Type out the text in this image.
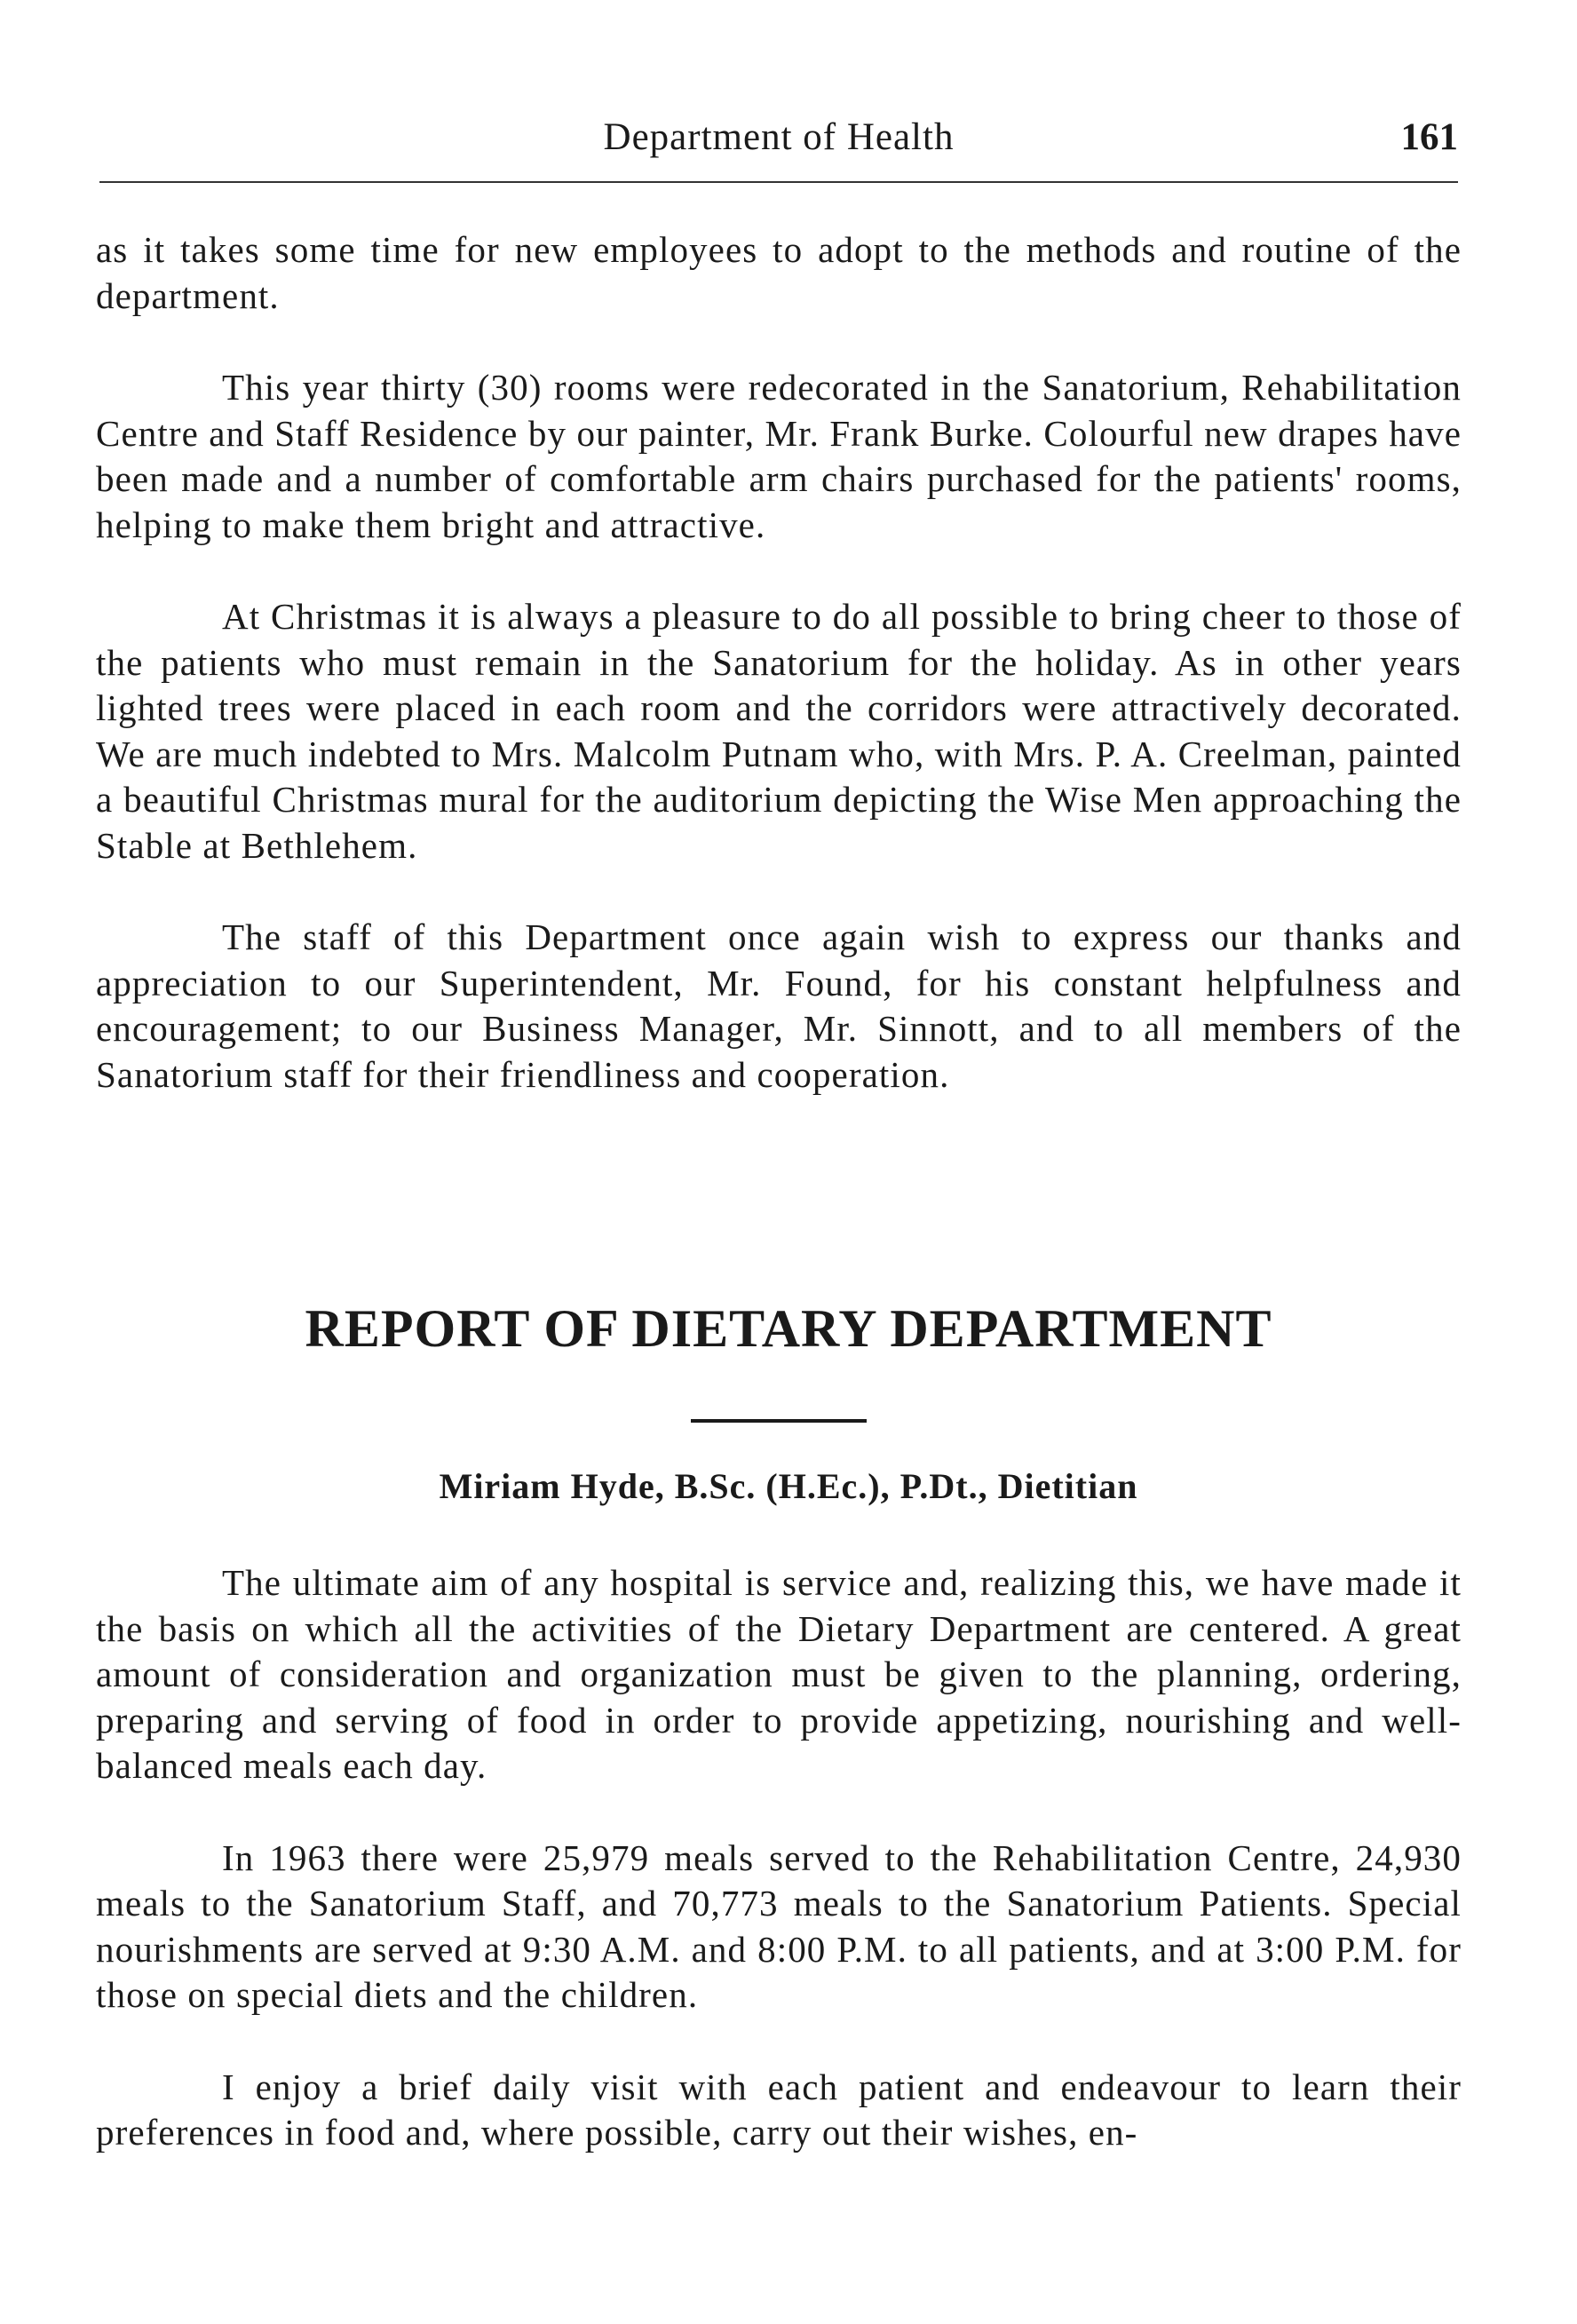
Department of Health	161

as it takes some time for new employees to adopt to the methods and routine of the department.

This year thirty (30) rooms were redecorated in the Sanatorium, Rehabilitation Centre and Staff Residence by our painter, Mr. Frank Burke. Colourful new drapes have been made and a number of comfortable arm chairs purchased for the patients' rooms, helping to make them bright and attractive.

At Christmas it is always a pleasure to do all possible to bring cheer to those of the patients who must remain in the Sanatorium for the holiday. As in other years lighted trees were placed in each room and the corridors were attractively decorated. We are much indebted to Mrs. Malcolm Putnam who, with Mrs. P. A. Creelman, painted a beautiful Christmas mural for the auditorium depicting the Wise Men approaching the Stable at Bethlehem.

The staff of this Department once again wish to express our thanks and appreciation to our Superintendent, Mr. Found, for his constant helpfulness and encouragement; to our Business Manager, Mr. Sinnott, and to all members of the Sanatorium staff for their friendliness and cooperation.

REPORT OF DIETARY DEPARTMENT
Miriam Hyde, B.Sc. (H.Ec.), P.Dt., Dietitian

The ultimate aim of any hospital is service and, realizing this, we have made it the basis on which all the activities of the Dietary Department are centered. A great amount of consideration and organization must be given to the planning, ordering, preparing and serving of food in order to provide appetizing, nourishing and well-balanced meals each day.

In 1963 there were 25,979 meals served to the Rehabilitation Centre, 24,930 meals to the Sanatorium Staff, and 70,773 meals to the Sanatorium Patients. Special nourishments are served at 9:30 A.M. and 8:00 P.M. to all patients, and at 3:00 P.M. for those on special diets and the children.

I enjoy a brief daily visit with each patient and endeavour to learn their preferences in food and, where possible, carry out their wishes, en-
